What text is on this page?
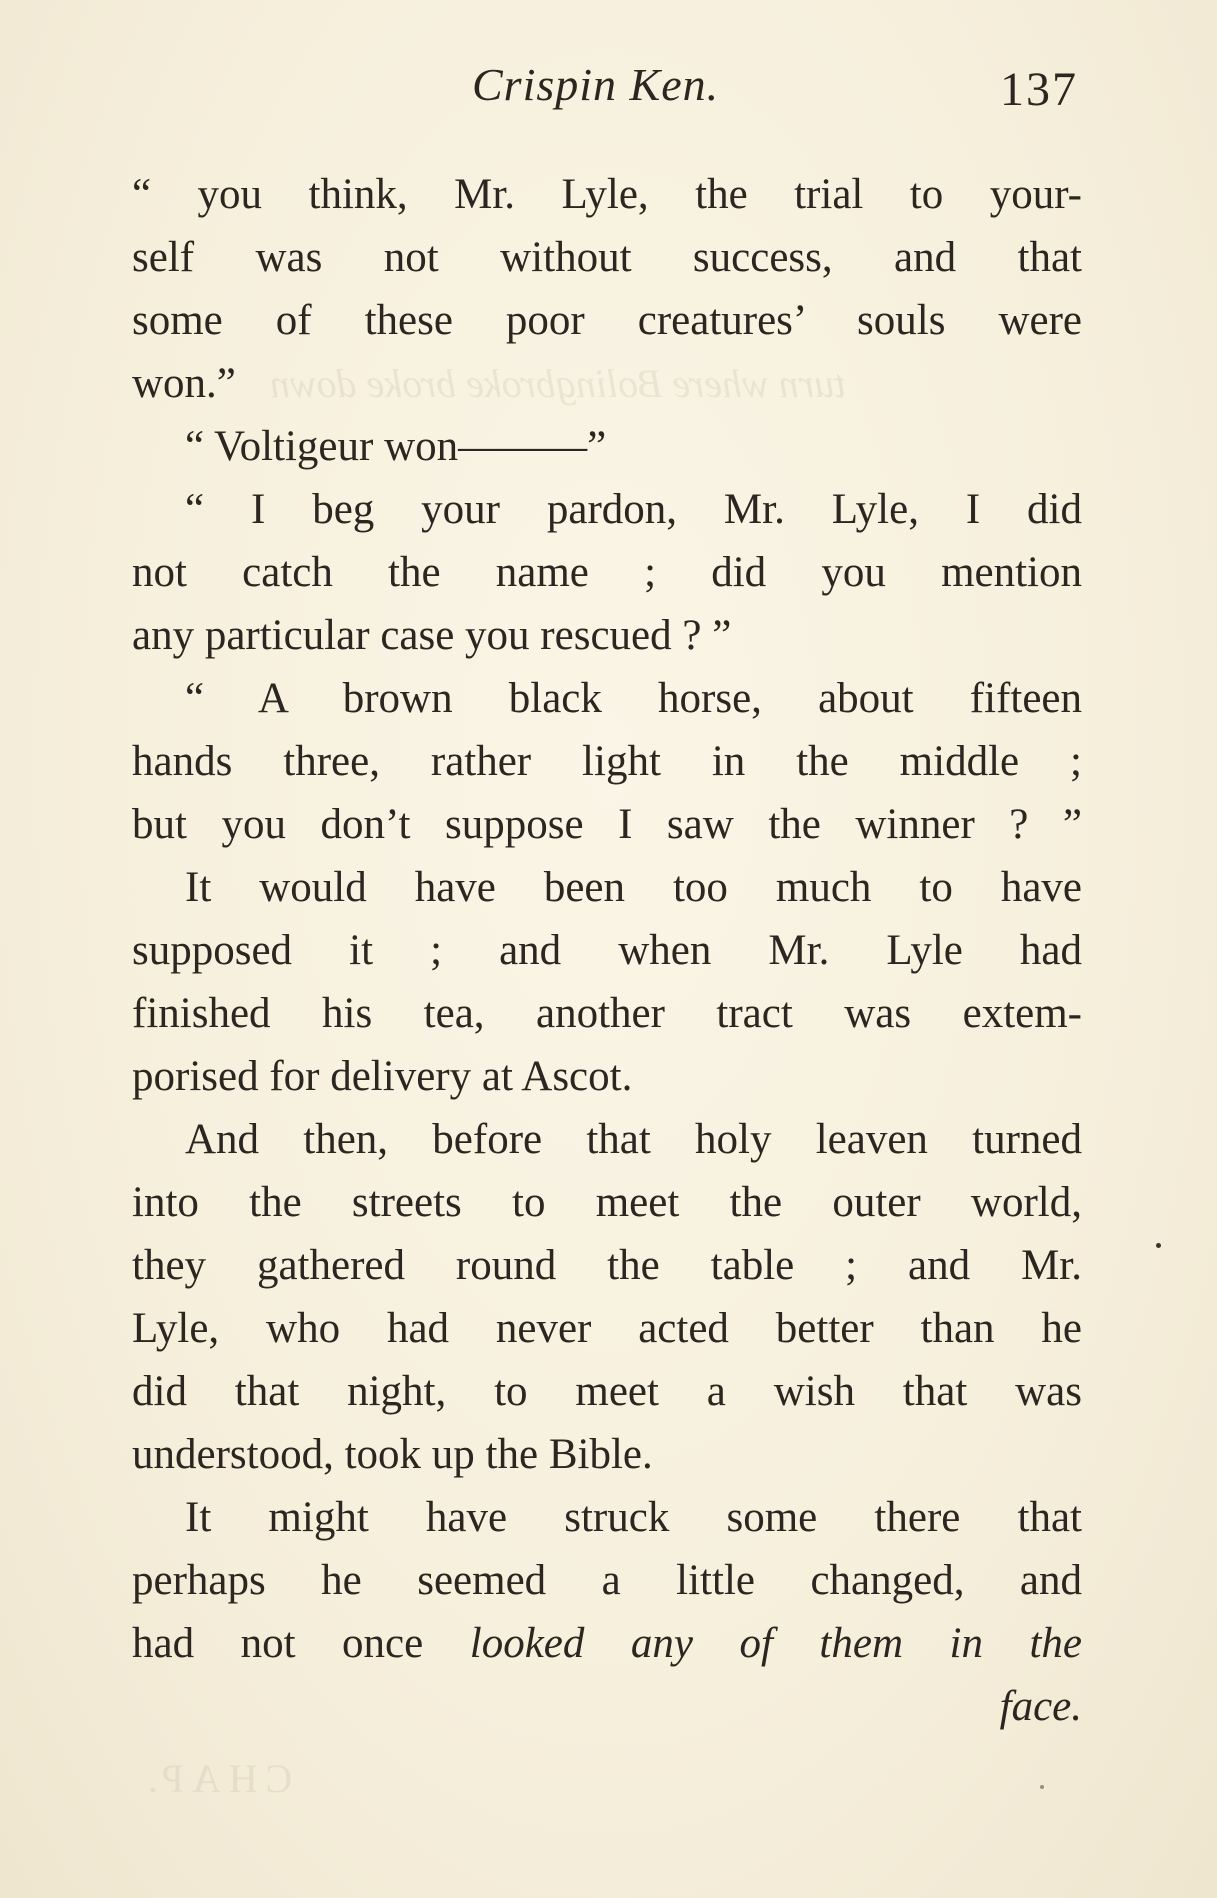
turn where Bolingbroke broke down
CHAP.
Crispin Ken.	137
“ you think, Mr. Lyle, the trial to your-
self was not without success, and that
some of these poor creatures’ souls were
won.”
“ Voltigeur won———”
“ I beg your pardon, Mr. Lyle, I did
not catch the name ; did you mention
any particular case you rescued ? ”
“ A brown black horse, about fifteen
hands three, rather light in the middle ;
but you don’t suppose I saw the winner ? ”
It would have been too much to have
supposed it ; and when Mr. Lyle had
finished his tea, another tract was extem-
porised for delivery at Ascot.
And then, before that holy leaven turned
into the streets to meet the outer world,
they gathered round the table ; and Mr.
Lyle, who had never acted better than he
did that night, to meet a wish that was
understood, took up the Bible.
It might have struck some there that
perhaps he seemed a little changed, and
had not once looked any of them in the
face.
